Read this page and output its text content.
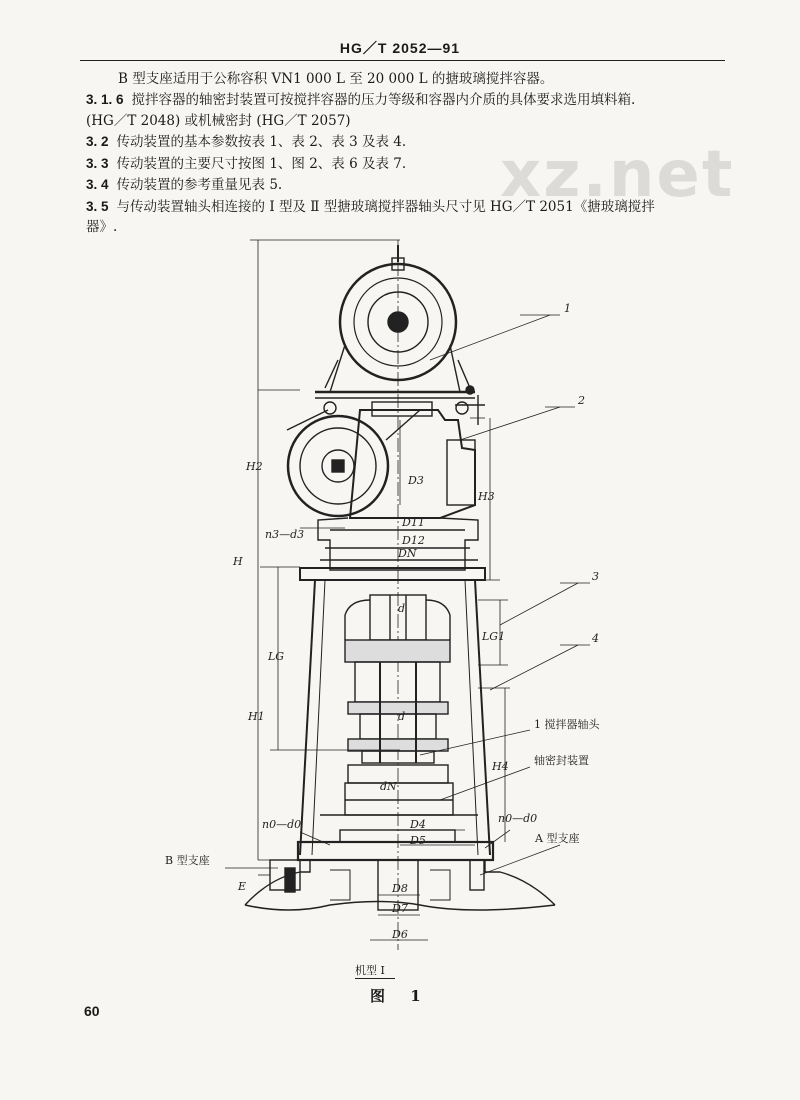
HG／T 2052—91
B 型支座适用于公称容积 VN1 000 L 至 20 000 L 的搪玻璃搅拌容器。
3. 1. 6 搅拌容器的轴密封装置可按搅拌容器的压力等级和容器内介质的具体要求选用填料箱.
(HG／T 2048) 或机械密封 (HG／T 2057)
3. 2 传动装置的基本参数按表 1、表 2、表 3 及表 4.
3. 3 传动装置的主要尺寸按图 1、图 2、表 6 及表 7.
3. 4 传动装置的参考重量见表 5.
3. 5 与传动装置轴头相连接的 Ⅰ 型及 Ⅱ 型搪玻璃搅拌器轴头尺寸见 HG／T 2051《搪玻璃搅拌
器》.
xz.net
1
2
3
4
1 搅拌器轴头
轴密封装置
A 型支座
B 型支座
H
H1
H2
H3
H4
LG
LG1
E
D3
D4
D5
D6
D7
D8
D11
D12
DN
dN
d
d
n3—d3
n0—d0	n0—d0
机型 Ⅰ
图 1
60
